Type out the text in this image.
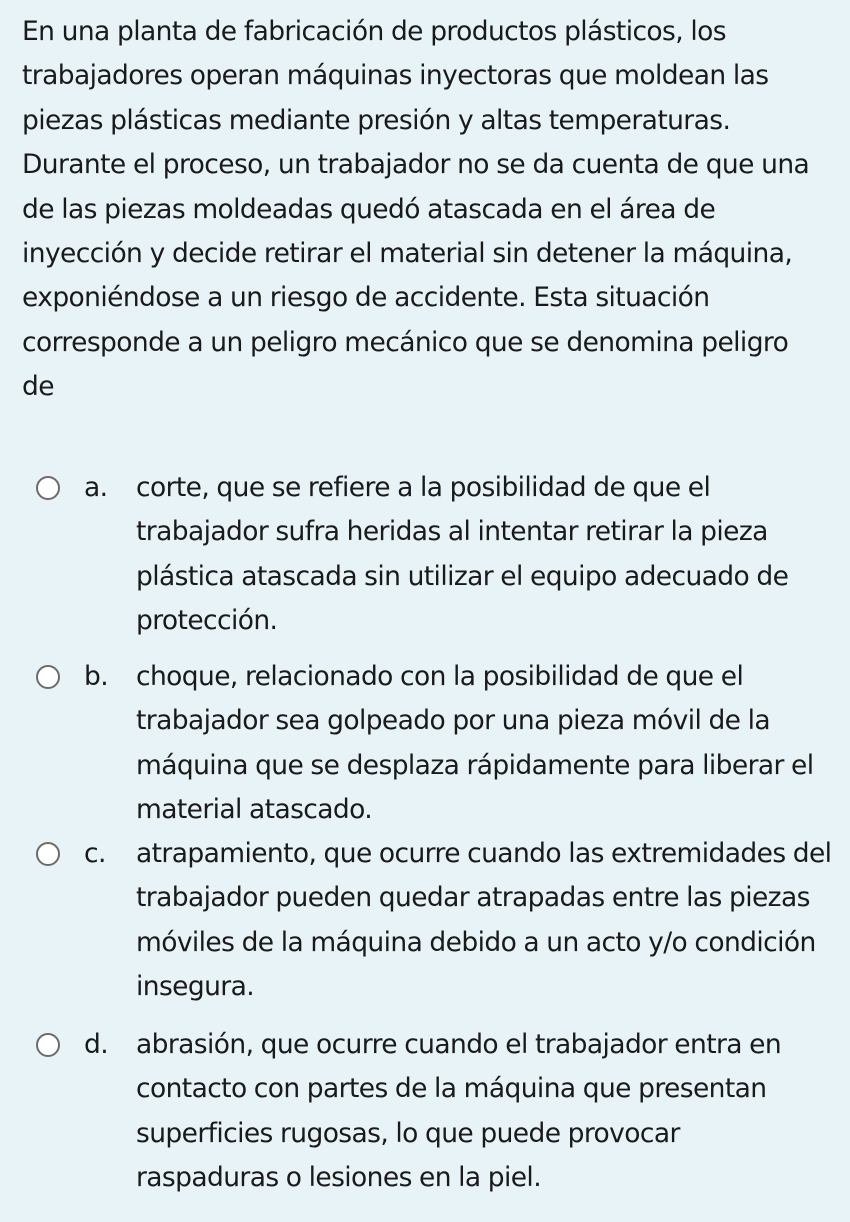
En una planta de fabricación de productos plásticos, los
trabajadores operan máquinas inyectoras que moldean las
piezas plásticas mediante presión y altas temperaturas.
Durante el proceso, un trabajador no se da cuenta de que una
de las piezas moldeadas quedó atascada en el área de
inyección y decide retirar el material sin detener la máquina,
exponiéndose a un riesgo de accidente. Esta situación
corresponde a un peligro mecánico que se denomina peligro
de
a. corte, que se refiere a la posibilidad de que el
trabajador sufra heridas al intentar retirar la pieza
plástica atascada sin utilizar el equipo adecuado de
protección.
b. choque, relacionado con la posibilidad de que el
trabajador sea golpeado por una pieza móvil de la
máquina que se desplaza rápidamente para liberar el
material atascado.
c. atrapamiento, que ocurre cuando las extremidades del
trabajador pueden quedar atrapadas entre las piezas
móviles de la máquina debido a un acto y/o condición
insegura.
d. abrasión, que ocurre cuando el trabajador entra en
contacto con partes de la máquina que presentan
superficies rugosas, lo que puede provocar
raspaduras o lesiones en la piel.
